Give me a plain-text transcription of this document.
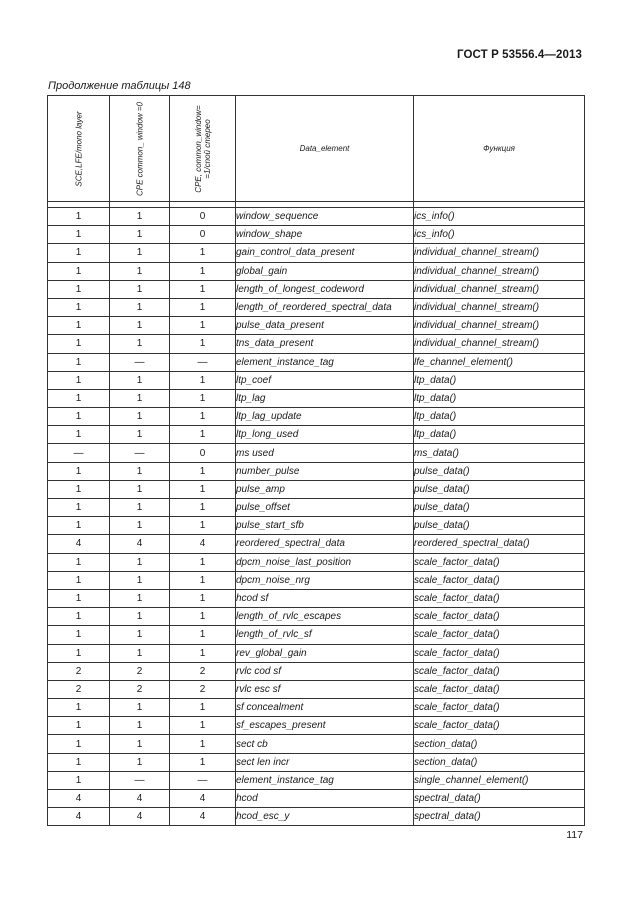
ГОСТ Р 53556.4—2013
Продолжение таблицы 148
SCE,LFE/mono layer	CPE common_ window =0	CPE, common_window= =1/cnoй стерео	Data_element	Функция

1	1	0	window_sequence	ics_info()
1	1	0	window_shape	ics_info()
1	1	1	gain_control_data_present	individual_channel_stream()
1	1	1	global_gain	individual_channel_stream()
1	1	1	length_of_longest_codeword	individual_channel_stream()
1	1	1	length_of_reordered_spectral_data	individual_channel_stream()
1	1	1	pulse_data_present	individual_channel_stream()
1	1	1	tns_data_present	individual_channel_stream()
1	—	—	element_instance_tag	lfe_channel_element()
1	1	1	ltp_coef	ltp_data()
1	1	1	ltp_lag	ltp_data()
1	1	1	ltp_lag_update	ltp_data()
1	1	1	ltp_long_used	ltp_data()
—	—	0	ms used	ms_data()
1	1	1	number_pulse	pulse_data()
1	1	1	pulse_amp	pulse_data()
1	1	1	pulse_offset	pulse_data()
1	1	1	pulse_start_sfb	pulse_data()
4	4	4	reordered_spectral_data	reordered_spectral_data()
1	1	1	dpcm_noise_last_position	scale_factor_data()
1	1	1	dpcm_noise_nrg	scale_factor_data()
1	1	1	hcod sf	scale_factor_data()
1	1	1	length_of_rvlc_escapes	scale_factor_data()
1	1	1	length_of_rvlc_sf	scale_factor_data()
1	1	1	rev_global_gain	scale_factor_data()
2	2	2	rvlc cod sf	scale_factor_data()
2	2	2	rvlc esc sf	scale_factor_data()
1	1	1	sf concealment	scale_factor_data()
1	1	1	sf_escapes_present	scale_factor_data()
1	1	1	sect cb	section_data()
1	1	1	sect len incr	section_data()
1	—	—	element_instance_tag	single_channel_element()
4	4	4	hcod	spectral_data()
4	4	4	hcod_esc_y	spectral_data()
117
